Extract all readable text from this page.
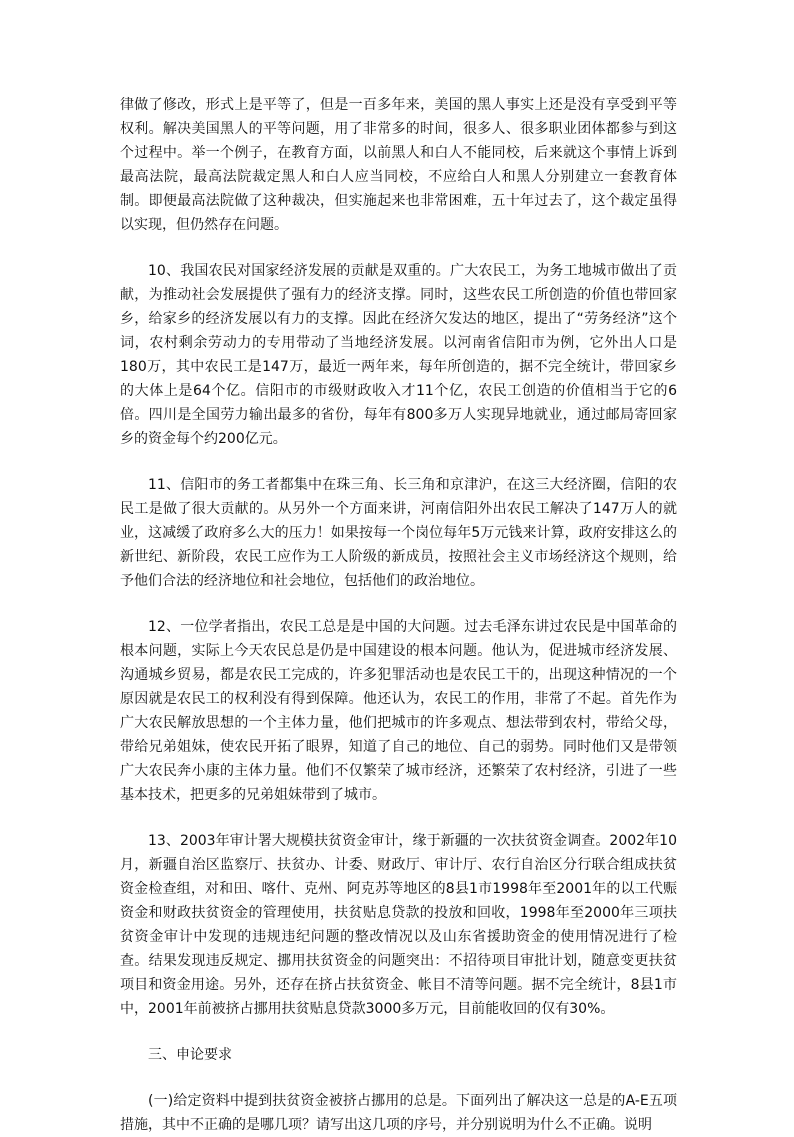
律做了修改，形式上是平等了，但是一百多年来，美国的黑人事实上还是没有享受到平等权利。解决美国黑人的平等问题，用了非常多的时间，很多人、很多职业团体都参与到这个过程中。举一个例子，在教育方面，以前黑人和白人不能同校，后来就这个事情上诉到最高法院，最高法院裁定黑人和白人应当同校，不应给白人和黑人分别建立一套教育体制。即便最高法院做了这种裁决，但实施起来也非常困难，五十年过去了，这个裁定虽得以实现，但仍然存在问题。

10、我国农民对国家经济发展的贡献是双重的。广大农民工，为务工地城市做出了贡献，为推动社会发展提供了强有力的经济支撑。同时，这些农民工所创造的价值也带回家乡，给家乡的经济发展以有力的支撑。因此在经济欠发达的地区，提出了“劳务经济”这个词，农村剩余劳动力的专用带动了当地经济发展。以河南省信阳市为例，它外出人口是180万，其中农民工是147万，最近一两年来，每年所创造的，据不完全统计，带回家乡的大体上是64个亿。信阳市的市级财政收入才11个亿，农民工创造的价值相当于它的6倍。四川是全国劳力输出最多的省份，每年有800多万人实现异地就业，通过邮局寄回家乡的资金每个约200亿元。

11、信阳市的务工者都集中在珠三角、长三角和京津沪，在这三大经济圈，信阳的农民工是做了很大贡献的。从另外一个方面来讲，河南信阳外出农民工解决了147万人的就业，这减缓了政府多么大的压力！如果按每一个岗位每年5万元钱来计算，政府安排这么的新世纪、新阶段，农民工应作为工人阶级的新成员，按照社会主义市场经济这个规则，给予他们合法的经济地位和社会地位，包括他们的政治地位。

12、一位学者指出，农民工总是是中国的大问题。过去毛泽东讲过农民是中国革命的根本问题，实际上今天农民总是仍是中国建设的根本问题。他认为，促进城市经济发展、沟通城乡贸易，都是农民工完成的，许多犯罪活动也是农民工干的，出现这种情况的一个原因就是农民工的权利没有得到保障。他还认为，农民工的作用，非常了不起。首先作为广大农民解放思想的一个主体力量，他们把城市的许多观点、想法带到农村，带给父母，带给兄弟姐妹，使农民开拓了眼界，知道了自己的地位、自己的弱势。同时他们又是带领广大农民奔小康的主体力量。他们不仅繁荣了城市经济，还繁荣了农村经济，引进了一些基本技术，把更多的兄弟姐妹带到了城市。

13、2003年审计署大规模扶贫资金审计，缘于新疆的一次扶贫资金调查。2002年10月，新疆自治区监察厅、扶贫办、计委、财政厅、审计厅、农行自治区分行联合组成扶贫资金检查组，对和田、喀什、克州、阿克苏等地区的8县1市1998年至2001年的以工代赈资金和财政扶贫资金的管理使用，扶贫贴息贷款的投放和回收，1998年至2000年三项扶贫资金审计中发现的违规违纪问题的整改情况以及山东省援助资金的使用情况进行了检查。结果发现违反规定、挪用扶贫资金的问题突出：不招待项目审批计划，随意变更扶贫项目和资金用途。另外，还存在挤占扶贫资金、帐目不清等问题。据不完全统计，8县1市中，2001年前被挤占挪用扶贫贴息贷款3000多万元，目前能收回的仅有30%。

三、申论要求

(一)给定资料中提到扶贫资金被挤占挪用的总是。下面列出了解决这一总是的A-E五项措施，其中不正确的是哪几项？请写出这几项的序号，并分别说明为什么不正确。说明
